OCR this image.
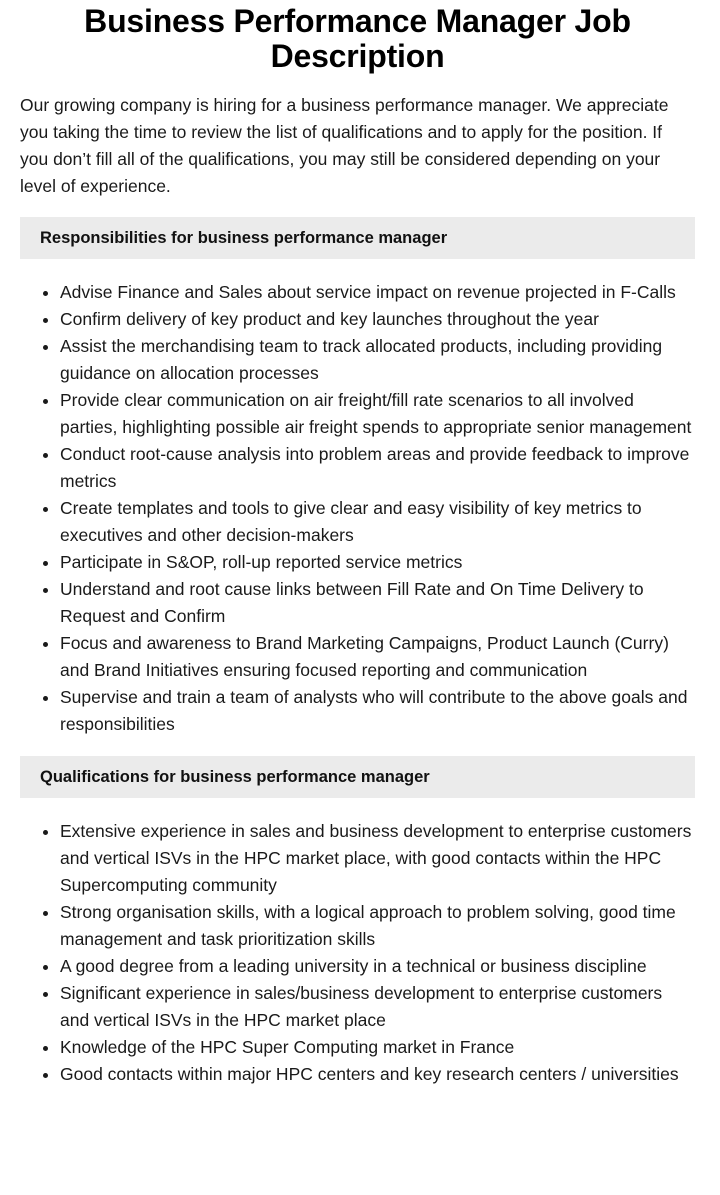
Business Performance Manager Job Description

Our growing company is hiring for a business performance manager. We appreciate you taking the time to review the list of qualifications and to apply for the position. If you don’t fill all of the qualifications, you may still be considered depending on your level of experience.

Responsibilities for business performance manager
Advise Finance and Sales about service impact on revenue projected in F-Calls
Confirm delivery of key product and key launches throughout the year
Assist the merchandising team to track allocated products, including providing guidance on allocation processes
Provide clear communication on air freight/fill rate scenarios to all involved parties, highlighting possible air freight spends to appropriate senior management
Conduct root-cause analysis into problem areas and provide feedback to improve metrics
Create templates and tools to give clear and easy visibility of key metrics to executives and other decision-makers
Participate in S&OP, roll-up reported service metrics
Understand and root cause links between Fill Rate and On Time Delivery to Request and Confirm
Focus and awareness to Brand Marketing Campaigns, Product Launch (Curry) and Brand Initiatives ensuring focused reporting and communication
Supervise and train a team of analysts who will contribute to the above goals and responsibilities
Qualifications for business performance manager
Extensive experience in sales and business development to enterprise customers and vertical ISVs in the HPC market place, with good contacts within the HPC Supercomputing community
Strong organisation skills, with a logical approach to problem solving, good time management and task prioritization skills
A good degree from a leading university in a technical or business discipline
Significant experience in sales/business development to enterprise customers and vertical ISVs in the HPC market place
Knowledge of the HPC Super Computing market in France
Good contacts within major HPC centers and key research centers / universities
